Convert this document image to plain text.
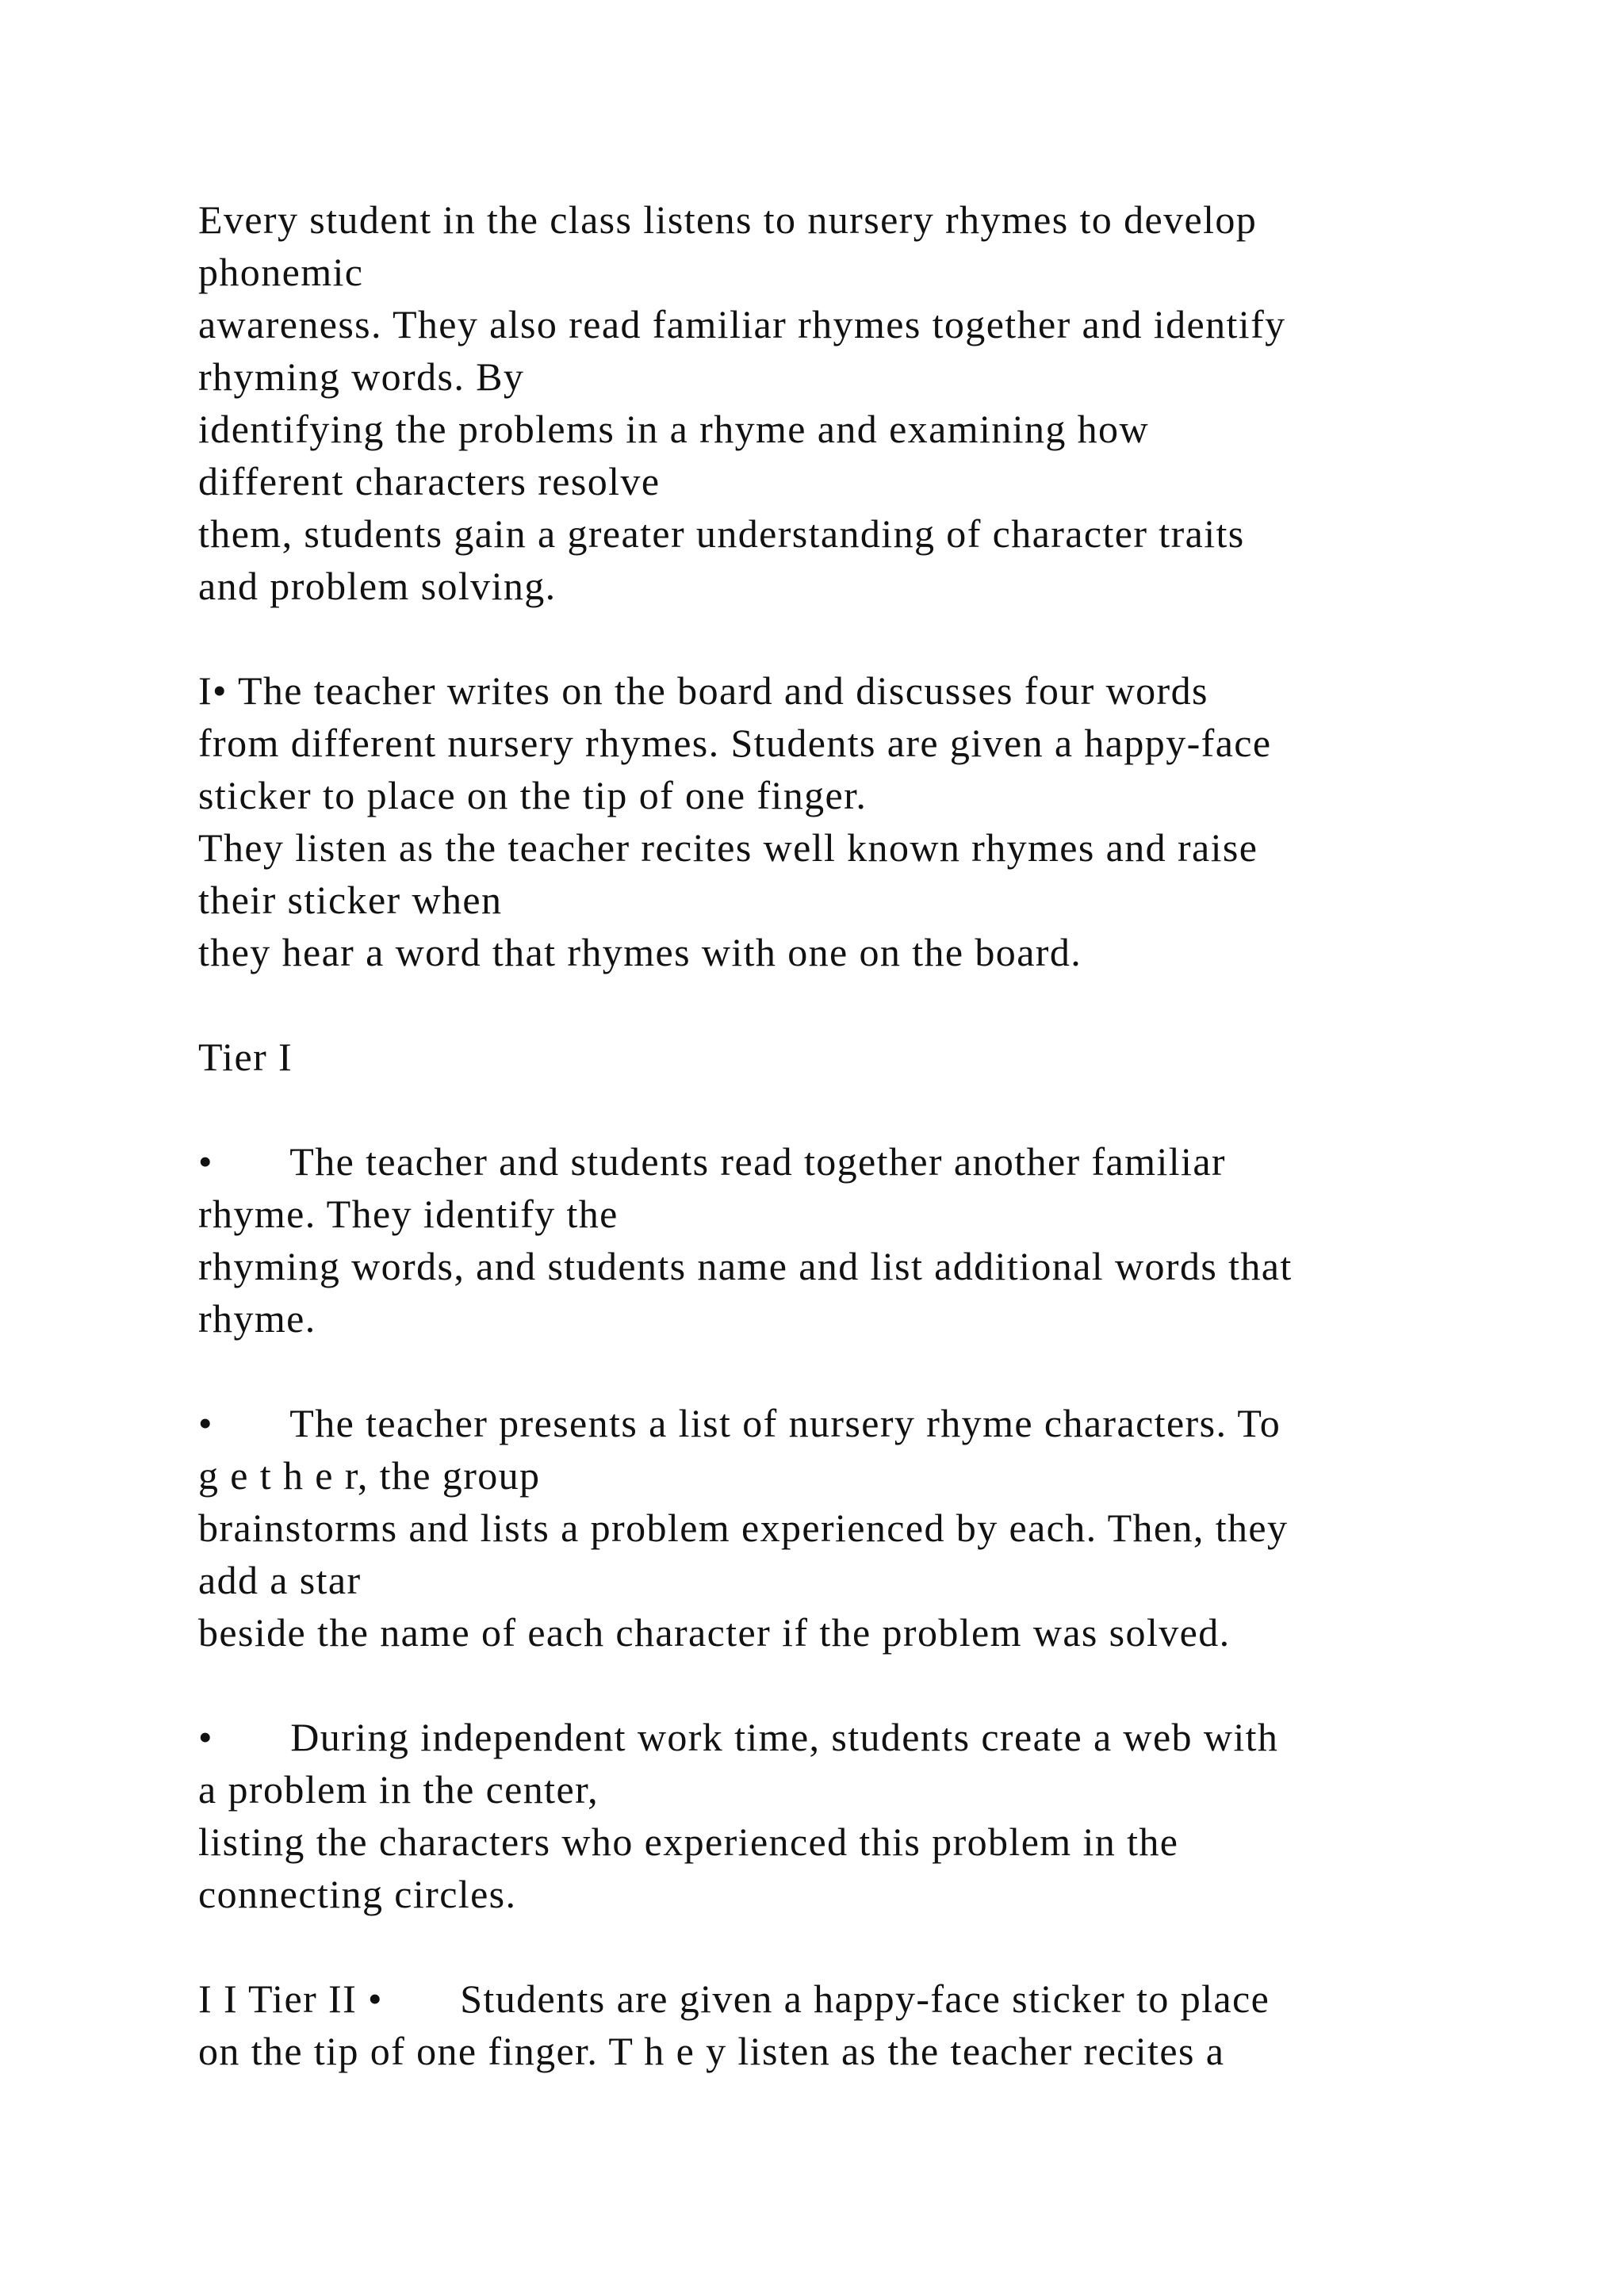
Every student in the class listens to nursery rhymes to develop
phonemic
awareness. They also read familiar rhymes together and identify
rhyming words. By
identifying the problems in a rhyme and examining how
different characters resolve
them, students gain a greater understanding of character traits
and problem solving.
I• The teacher writes on the board and discusses four words
from different nursery rhymes. Students are given a happy-face
sticker to place on the tip of one finger.
They listen as the teacher recites well known rhymes and raise
their sticker when
they hear a word that rhymes with one on the board.
Tier I
•       The teacher and students read together another familiar
rhyme. They identify the
rhyming words, and students name and list additional words that
rhyme.
•       The teacher presents a list of nursery rhyme characters. To
g e t h e r, the group
brainstorms and lists a problem experienced by each. Then, they
add a star
beside the name of each character if the problem was solved.
•       During independent work time, students create a web with
a problem in the center,
listing the characters who experienced this problem in the
connecting circles.
I I Tier II •       Students are given a happy-face sticker to place
on the tip of one finger. T h e y listen as the teacher recites a
